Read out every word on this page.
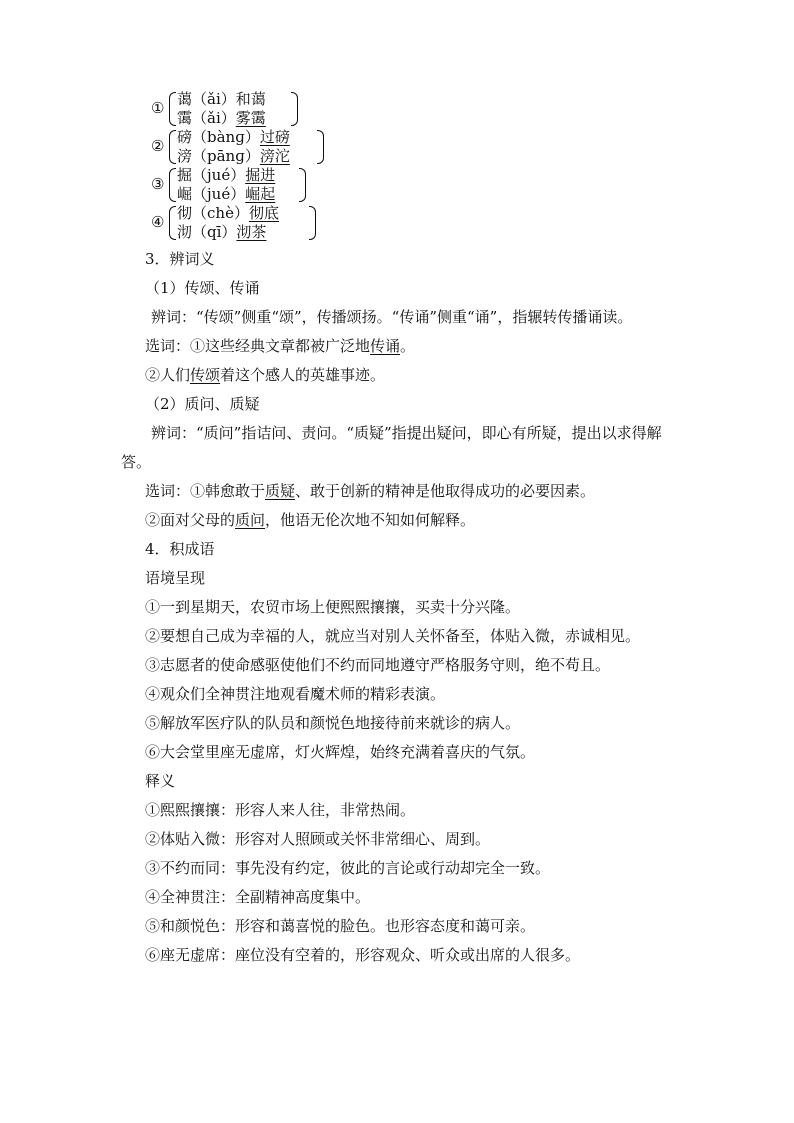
① 蔼（ǎi）和蔼
霭（ǎi）雾霭
② 磅（bànɡ）过磅
滂（pānɡ）滂沱
③ 掘（jué）掘进
崛（jué）崛起
④ 彻（chè）彻底
沏（qī）沏茶

3．辨词义

（1）传颂、传诵

辨词：“传颂”侧重“颂”，传播颂扬。“传诵”侧重“诵”，指辗转传播诵读。

选词：①这些经典文章都被广泛地传诵。

②人们传颂着这个感人的英雄事迹。

（2）质问、质疑

辨词：“质问”指诘问、责问。“质疑”指提出疑问，即心有所疑，提出以求得解答。

选词：①韩愈敢于质疑、敢于创新的精神是他取得成功的必要因素。

②面对父母的质问，他语无伦次地不知如何解释。

4．积成语

语境呈现

①一到星期天，农贸市场上便熙熙攘攘，买卖十分兴隆。

②要想自己成为幸福的人，就应当对别人关怀备至，体贴入微，赤诚相见。

③志愿者的使命感驱使他们不约而同地遵守严格服务守则，绝不苟且。

④观众们全神贯注地观看魔术师的精彩表演。

⑤解放军医疗队的队员和颜悦色地接待前来就诊的病人。

⑥大会堂里座无虚席，灯火辉煌，始终充满着喜庆的气氛。

释义

①熙熙攘攘：形容人来人往，非常热闹。

②体贴入微：形容对人照顾或关怀非常细心、周到。

③不约而同：事先没有约定，彼此的言论或行动却完全一致。

④全神贯注：全副精神高度集中。

⑤和颜悦色：形容和蔼喜悦的脸色。也形容态度和蔼可亲。

⑥座无虚席：座位没有空着的，形容观众、听众或出席的人很多。
